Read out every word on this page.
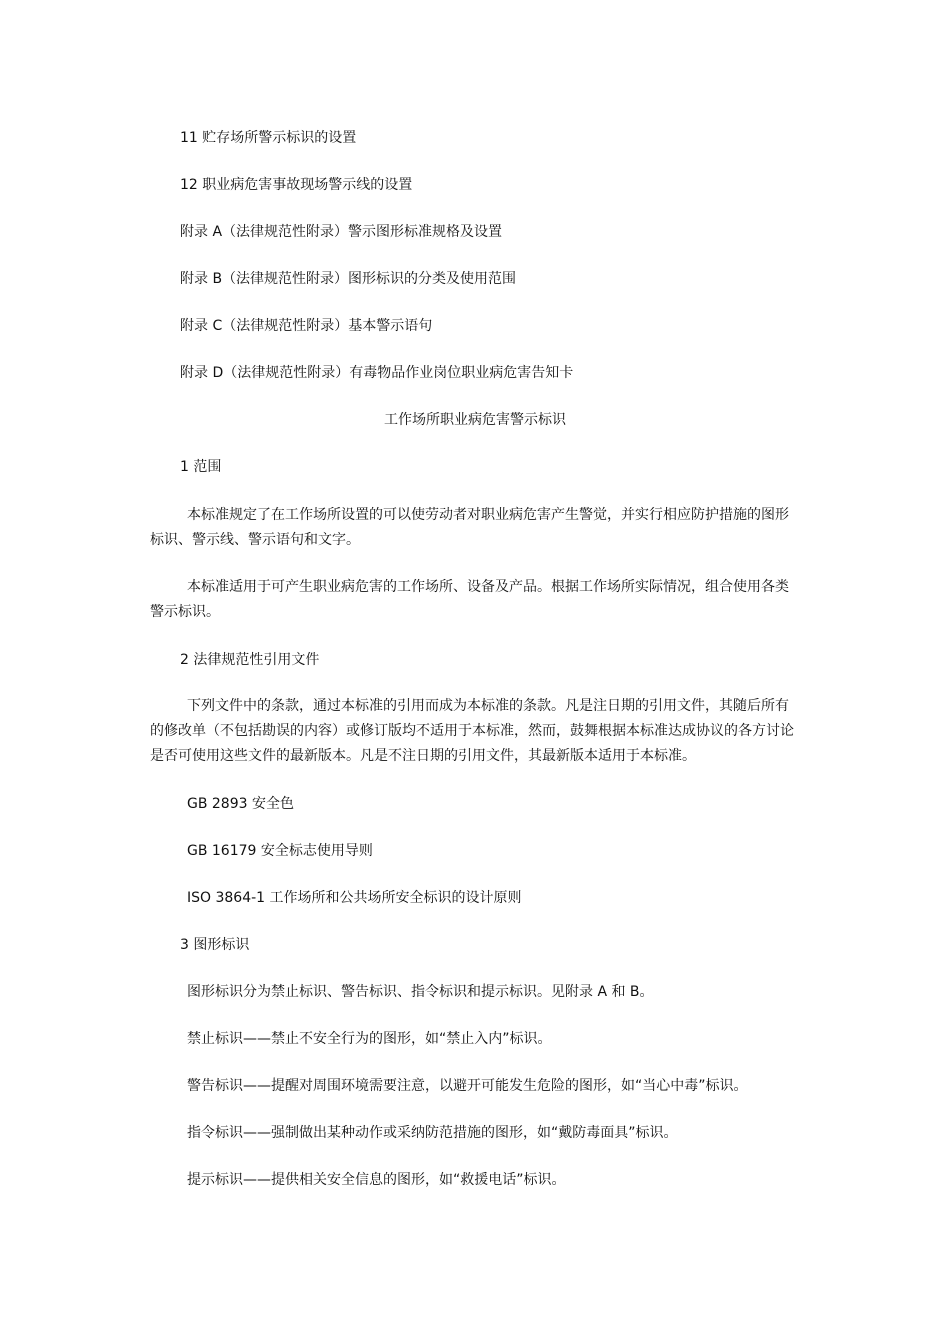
11 贮存场所警示标识的设置
12 职业病危害事故现场警示线的设置
附录 A（法律规范性附录）警示图形标准规格及设置
附录 B（法律规范性附录）图形标识的分类及使用范围
附录 C（法律规范性附录）基本警示语句
附录 D（法律规范性附录）有毒物品作业岗位职业病危害告知卡
工作场所职业病危害警示标识
1 范围
本标准规定了在工作场所设置的可以使劳动者对职业病危害产生警觉，并实行相应防护措施的图形标识、警示线、警示语句和文字。
本标准适用于可产生职业病危害的工作场所、设备及产品。根据工作场所实际情况，组合使用各类警示标识。
2 法律规范性引用文件
下列文件中的条款，通过本标准的引用而成为本标准的条款。凡是注日期的引用文件，其随后所有的修改单（不包括勘误的内容）或修订版均不适用于本标准，然而，鼓舞根据本标准达成协议的各方讨论是否可使用这些文件的最新版本。凡是不注日期的引用文件，其最新版本适用于本标准。
GB 2893 安全色
GB 16179 安全标志使用导则
ISO 3864-1 工作场所和公共场所安全标识的设计原则
3 图形标识
图形标识分为禁止标识、警告标识、指令标识和提示标识。见附录 A 和 B。
禁止标识——禁止不安全行为的图形，如“禁止入内”标识。
警告标识——提醒对周围环境需要注意，以避开可能发生危险的图形，如“当心中毒”标识。
指令标识——强制做出某种动作或采纳防范措施的图形，如“戴防毒面具”标识。
提示标识——提供相关安全信息的图形，如“救援电话”标识。
